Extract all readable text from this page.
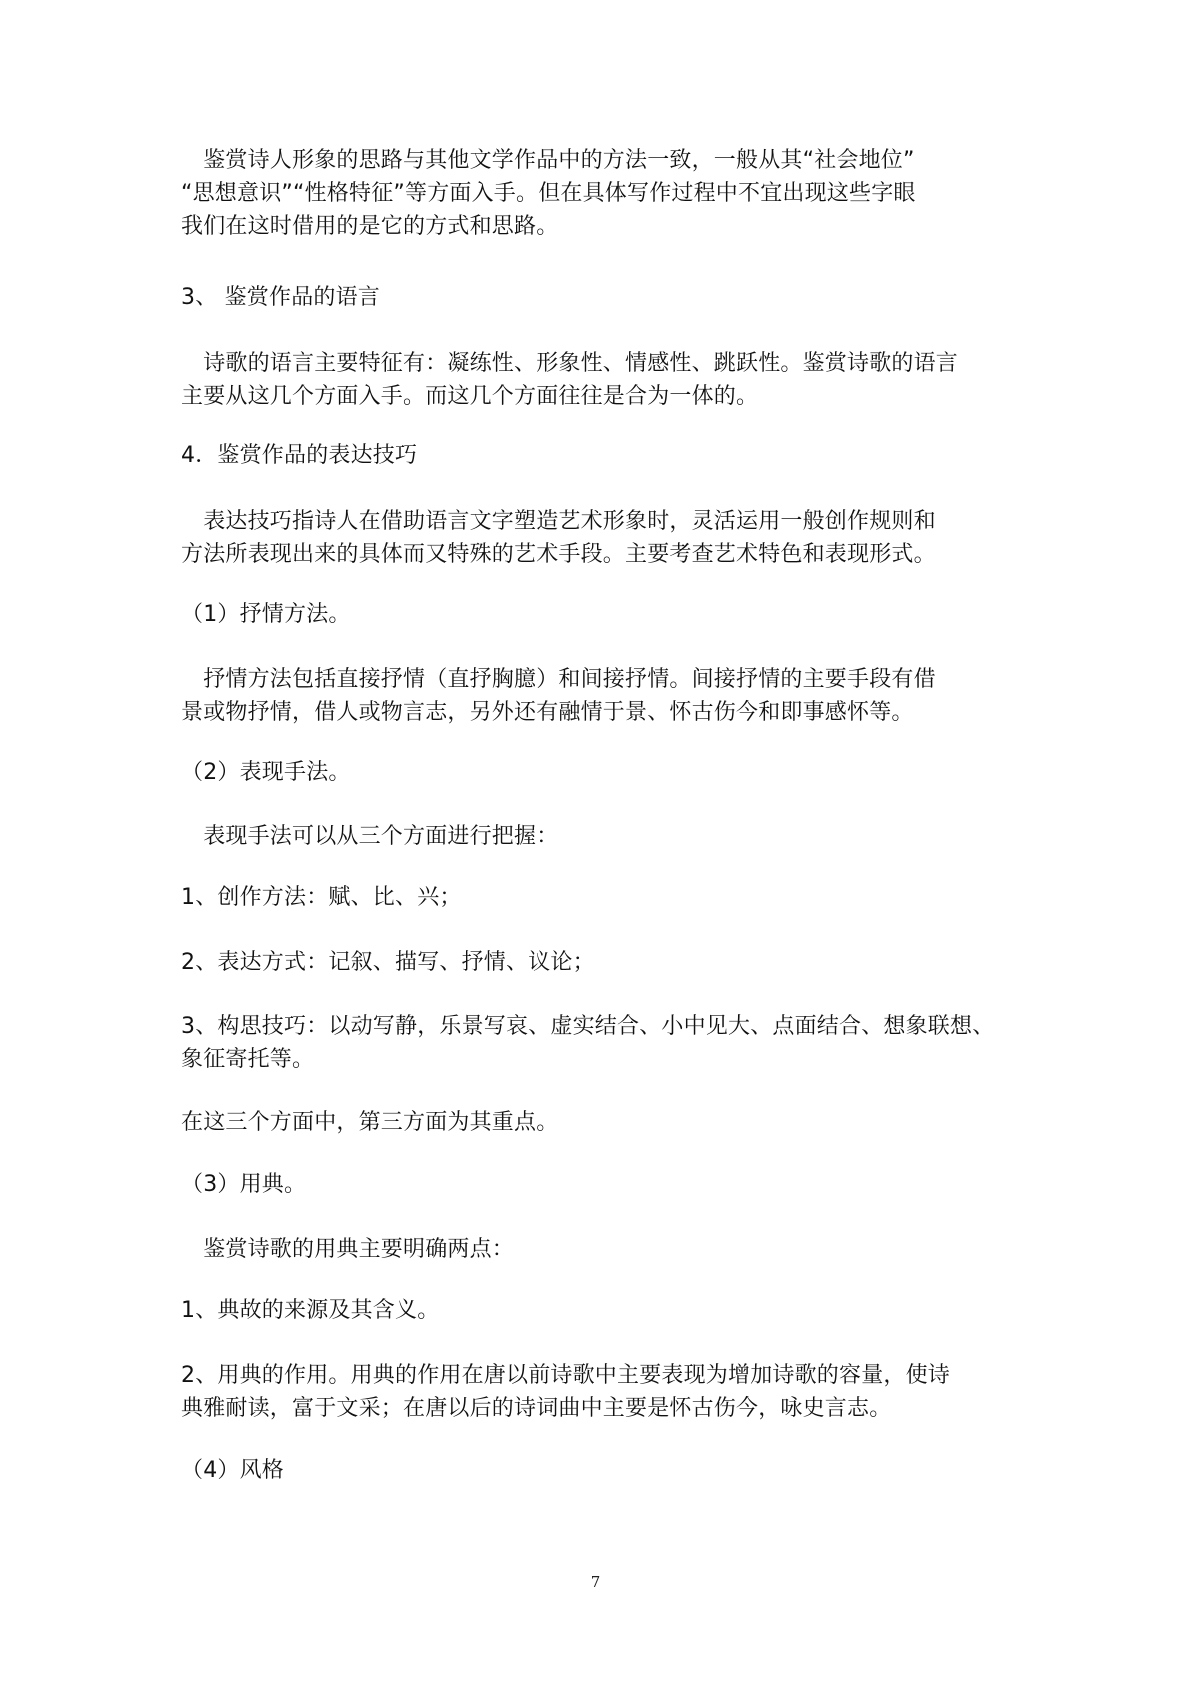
　鉴赏诗人形象的思路与其他文学作品中的方法一致，一般从其“社会地位”
“思想意识”“性格特征”等方面入手。但在具体写作过程中不宜出现这些字眼
我们在这时借用的是它的方式和思路。
3、 鉴赏作品的语言
　诗歌的语言主要特征有：凝练性、形象性、情感性、跳跃性。鉴赏诗歌的语言
主要从这几个方面入手。而这几个方面往往是合为一体的。
4．鉴赏作品的表达技巧
　表达技巧指诗人在借助语言文字塑造艺术形象时，灵活运用一般创作规则和
方法所表现出来的具体而又特殊的艺术手段。主要考查艺术特色和表现形式。
（1）抒情方法。
　抒情方法包括直接抒情（直抒胸臆）和间接抒情。间接抒情的主要手段有借
景或物抒情，借人或物言志，另外还有融情于景、怀古伤今和即事感怀等。
（2）表现手法。
　表现手法可以从三个方面进行把握：
1、创作方法：赋、比、兴；
2、表达方式：记叙、描写、抒情、议论；
3、构思技巧：以动写静，乐景写哀、虚实结合、小中见大、点面结合、想象联想、
象征寄托等。
在这三个方面中，第三方面为其重点。
（3）用典。
　鉴赏诗歌的用典主要明确两点：
1、典故的来源及其含义。
2、用典的作用。用典的作用在唐以前诗歌中主要表现为增加诗歌的容量，使诗
典雅耐读，富于文采；在唐以后的诗词曲中主要是怀古伤今，咏史言志。
（4）风格
7
